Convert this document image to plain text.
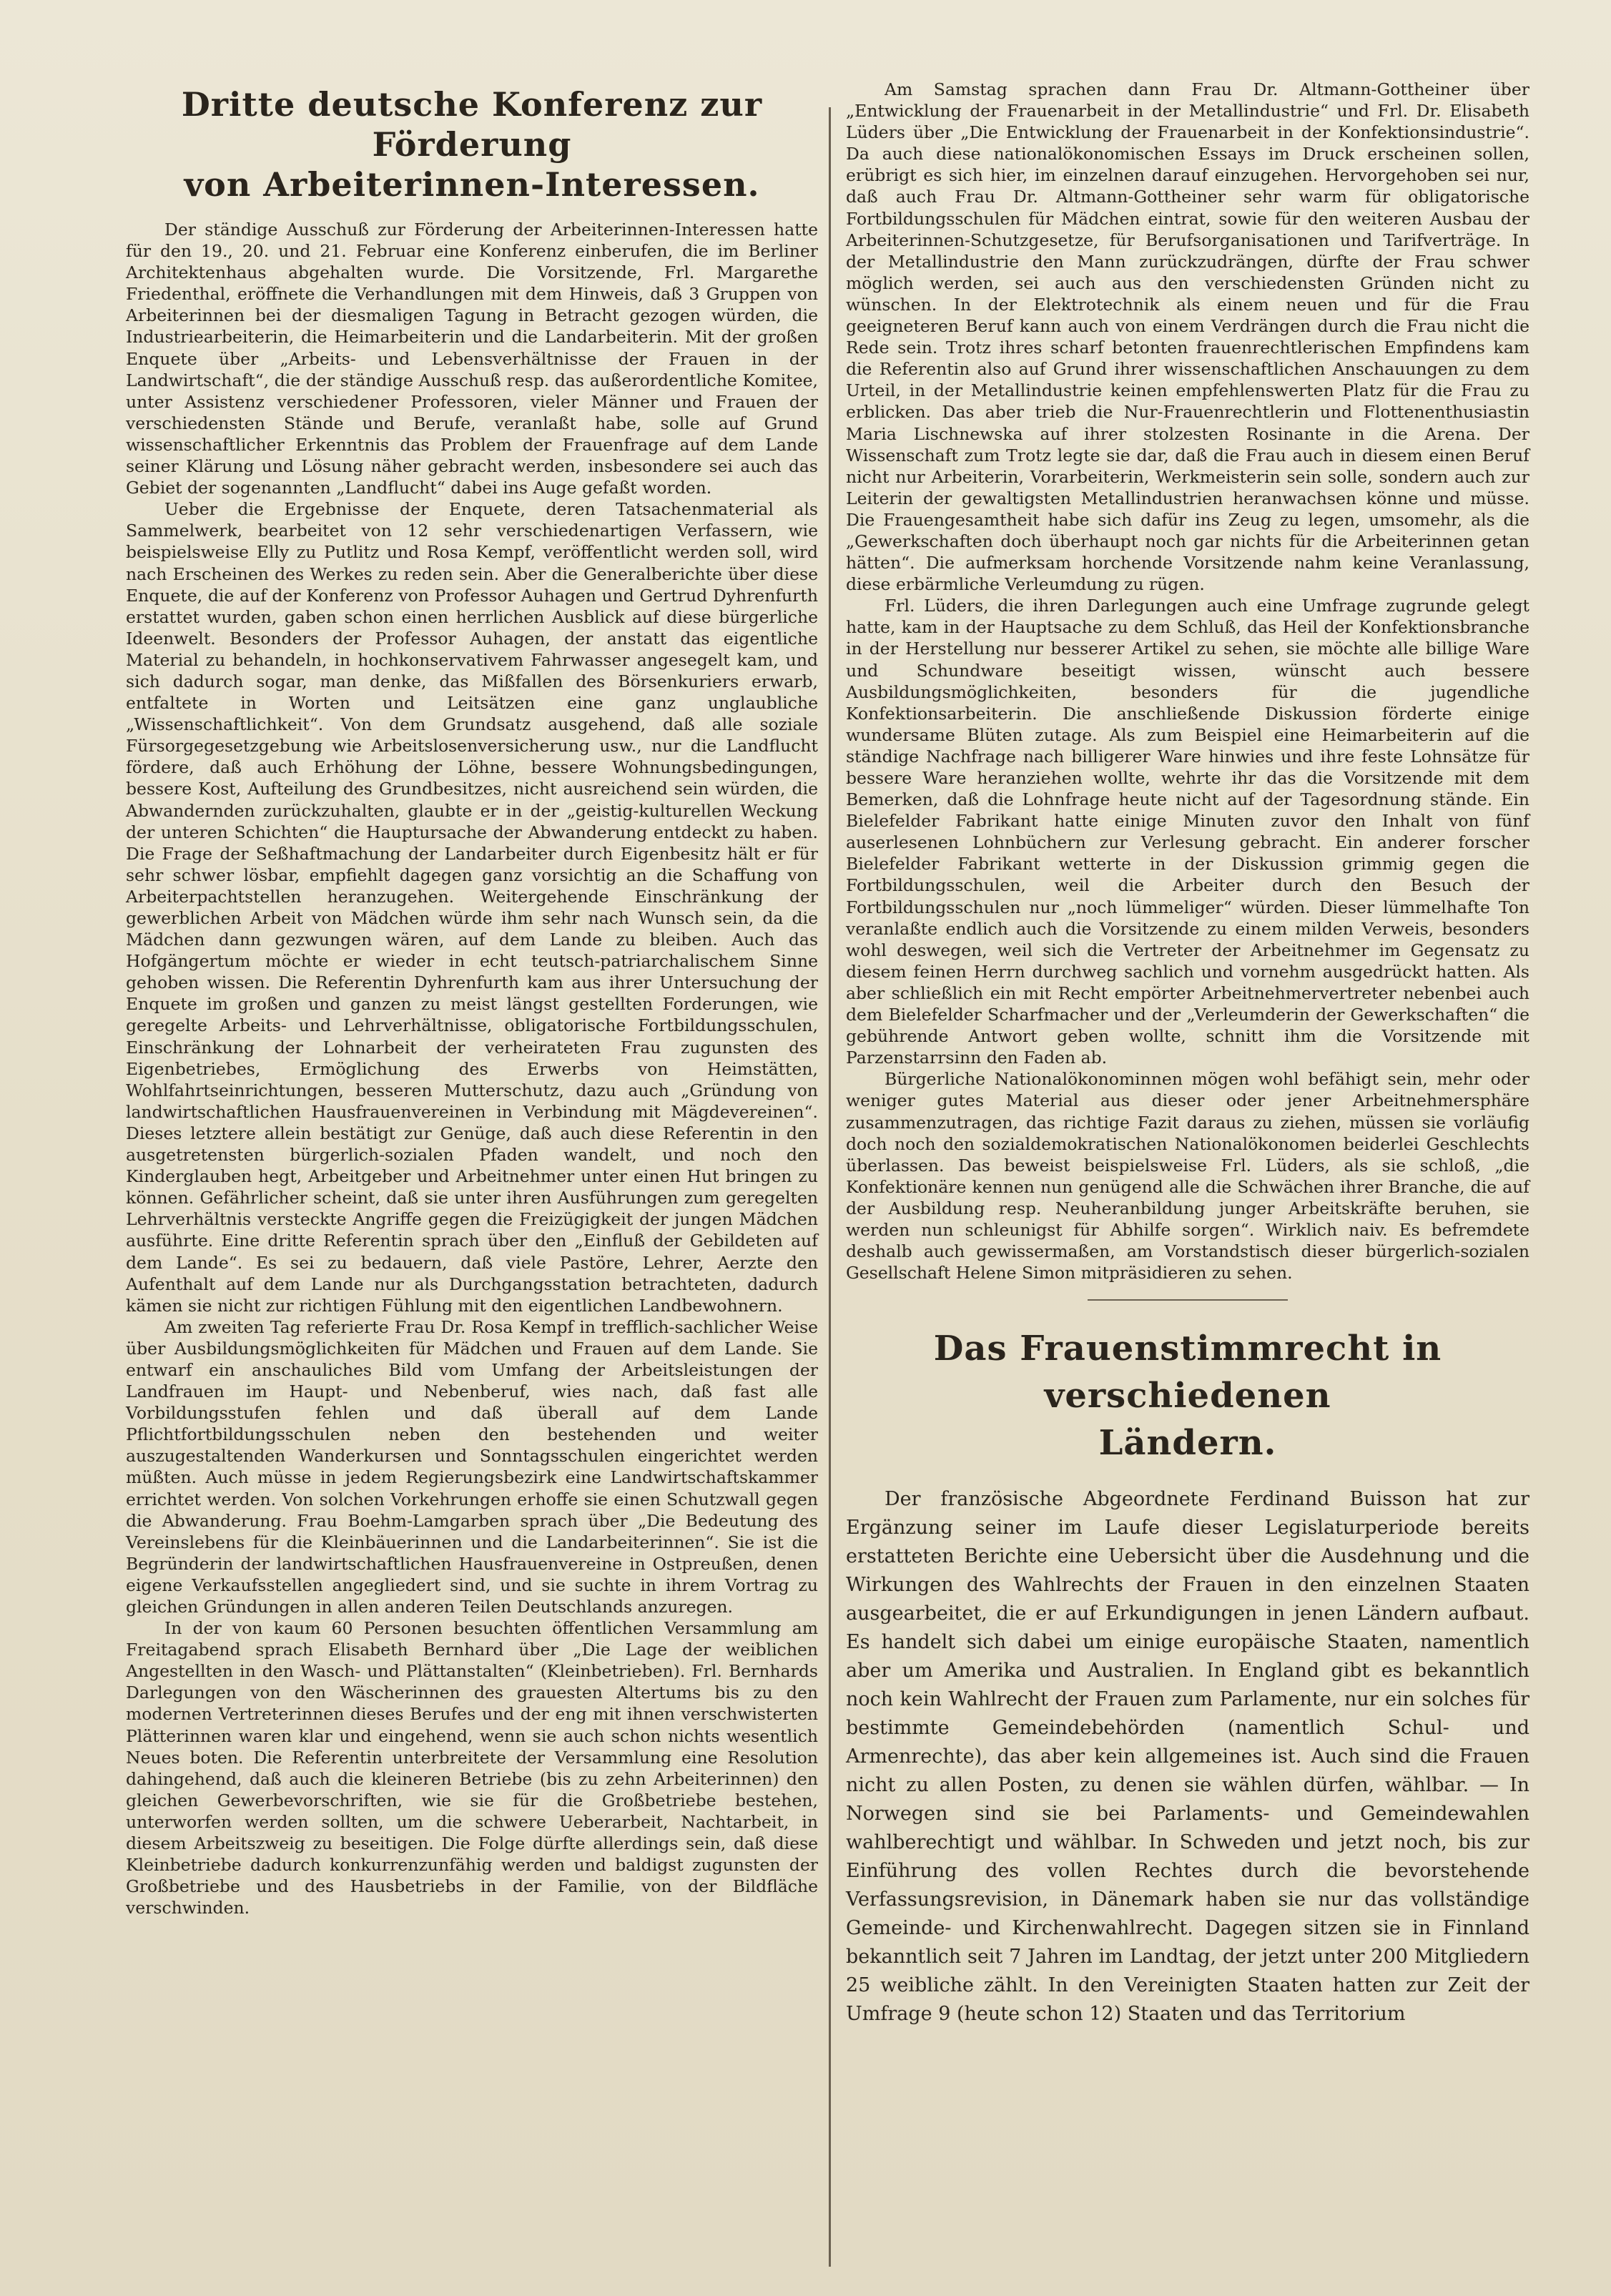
Dritte deutsche Konferenz zur Förderung
von Arbeiterinnen-Interessen.

Der ständige Ausschuß zur Förderung der Arbeiterinnen-Interessen hatte für den 19., 20. und 21. Februar eine Konferenz einberufen, die im Berliner Architektenhaus abgehalten wurde. Die Vorsitzende, Frl. Margarethe Friedenthal, eröffnete die Verhandlungen mit dem Hinweis, daß 3 Gruppen von Arbeiterinnen bei der diesmaligen Tagung in Betracht gezogen würden, die Industriearbeiterin, die Heimarbeiterin und die Landarbeiterin. Mit der großen Enquete über „Arbeits- und Lebensverhältnisse der Frauen in der Landwirtschaft“, die der ständige Ausschuß resp. das außerordentliche Komitee, unter Assistenz verschiedener Professoren, vieler Männer und Frauen der verschiedensten Stände und Berufe, veranlaßt habe, solle auf Grund wissenschaftlicher Erkenntnis das Problem der Frauenfrage auf dem Lande seiner Klärung und Lösung näher gebracht werden, insbesondere sei auch das Gebiet der sogenannten „Landflucht“ dabei ins Auge gefaßt worden.

Ueber die Ergebnisse der Enquete, deren Tatsachenmaterial als Sammelwerk, bearbeitet von 12 sehr verschiedenartigen Verfassern, wie beispielsweise Elly zu Putlitz und Rosa Kempf, veröffentlicht werden soll, wird nach Erscheinen des Werkes zu reden sein. Aber die Generalberichte über diese Enquete, die auf der Konferenz von Professor Auhagen und Gertrud Dyhrenfurth erstattet wurden, gaben schon einen herrlichen Ausblick auf diese bürgerliche Ideenwelt. Besonders der Professor Auhagen, der anstatt das eigentliche Material zu behandeln, in hochkonservativem Fahrwasser angesegelt kam, und sich dadurch sogar, man denke, das Mißfallen des Börsenkuriers erwarb, entfaltete in Worten und Leitsätzen eine ganz unglaubliche „Wissenschaftlichkeit“. Von dem Grundsatz ausgehend, daß alle soziale Fürsorgegesetzgebung wie Arbeitslosenversicherung usw., nur die Landflucht fördere, daß auch Erhöhung der Löhne, bessere Wohnungsbedingungen, bessere Kost, Aufteilung des Grundbesitzes, nicht ausreichend sein würden, die Abwandernden zurückzuhalten, glaubte er in der „geistig-kulturellen Weckung der unteren Schichten“ die Hauptursache der Abwanderung entdeckt zu haben. Die Frage der Seßhaftmachung der Landarbeiter durch Eigenbesitz hält er für sehr schwer lösbar, empfiehlt dagegen ganz vorsichtig an die Schaffung von Arbeiterpachtstellen heranzugehen. Weitergehende Einschränkung der gewerblichen Arbeit von Mädchen würde ihm sehr nach Wunsch sein, da die Mädchen dann gezwungen wären, auf dem Lande zu bleiben. Auch das Hofgängertum möchte er wieder in echt teutsch-patriarchalischem Sinne gehoben wissen. Die Referentin Dyhrenfurth kam aus ihrer Untersuchung der Enquete im großen und ganzen zu meist längst gestellten Forderungen, wie geregelte Arbeits- und Lehrverhältnisse, obligatorische Fortbildungsschulen, Einschränkung der Lohnarbeit der verheirateten Frau zugunsten des Eigenbetriebes, Ermöglichung des Erwerbs von Heimstätten, Wohlfahrtseinrichtungen, besseren Mutterschutz, dazu auch „Gründung von landwirtschaftlichen Hausfrauenvereinen in Verbindung mit Mägdevereinen“. Dieses letztere allein bestätigt zur Genüge, daß auch diese Referentin in den ausgetretensten bürgerlich-sozialen Pfaden wandelt, und noch den Kinderglauben hegt, Arbeitgeber und Arbeitnehmer unter einen Hut bringen zu können. Gefährlicher scheint, daß sie unter ihren Ausführungen zum geregelten Lehrverhältnis versteckte Angriffe gegen die Freizügigkeit der jungen Mädchen ausführte. Eine dritte Referentin sprach über den „Einfluß der Gebildeten auf dem Lande“. Es sei zu bedauern, daß viele Pastöre, Lehrer, Aerzte den Aufenthalt auf dem Lande nur als Durchgangsstation betrachteten, dadurch kämen sie nicht zur richtigen Fühlung mit den eigentlichen Landbewohnern.

Am zweiten Tag referierte Frau Dr. Rosa Kempf in trefflich-sachlicher Weise über Ausbildungsmöglichkeiten für Mädchen und Frauen auf dem Lande. Sie entwarf ein anschauliches Bild vom Umfang der Arbeitsleistungen der Landfrauen im Haupt- und Nebenberuf, wies nach, daß fast alle Vorbildungsstufen fehlen und daß überall auf dem Lande Pflichtfortbildungsschulen neben den bestehenden und weiter auszugestaltenden Wanderkursen und Sonntagsschulen eingerichtet werden müßten. Auch müsse in jedem Regierungsbezirk eine Landwirtschaftskammer errichtet werden. Von solchen Vorkehrungen erhoffe sie einen Schutzwall gegen die Abwanderung. Frau Boehm-Lamgarben sprach über „Die Bedeutung des Vereinslebens für die Kleinbäuerinnen und die Landarbeiterinnen“. Sie ist die Begründerin der landwirtschaftlichen Hausfrauenvereine in Ostpreußen, denen eigene Verkaufsstellen angegliedert sind, und sie suchte in ihrem Vortrag zu gleichen Gründungen in allen anderen Teilen Deutschlands anzuregen.

In der von kaum 60 Personen besuchten öffentlichen Versammlung am Freitagabend sprach Elisabeth Bernhard über „Die Lage der weiblichen Angestellten in den Wasch- und Plättanstalten“ (Kleinbetrieben). Frl. Bernhards Darlegungen von den Wäscherinnen des grauesten Altertums bis zu den modernen Vertreterinnen dieses Berufes und der eng mit ihnen verschwisterten Plätterinnen waren klar und eingehend, wenn sie auch schon nichts wesentlich Neues boten. Die Referentin unterbreitete der Versammlung eine Resolution dahingehend, daß auch die kleineren Betriebe (bis zu zehn Arbeiterinnen) den gleichen Gewerbevorschriften, wie sie für die Großbetriebe bestehen, unterworfen werden sollten, um die schwere Ueberarbeit, Nachtarbeit, in diesem Arbeitszweig zu beseitigen. Die Folge dürfte allerdings sein, daß diese Kleinbetriebe dadurch konkurrenzunfähig werden und baldigst zugunsten der Großbetriebe und des Hausbetriebs in der Familie, von der Bildfläche verschwinden.

Am Samstag sprachen dann Frau Dr. Altmann-Gottheiner über „Entwicklung der Frauenarbeit in der Metallindustrie“ und Frl. Dr. Elisabeth Lüders über „Die Entwicklung der Frauenarbeit in der Konfektionsindustrie“. Da auch diese nationalökonomischen Essays im Druck erscheinen sollen, erübrigt es sich hier, im einzelnen darauf einzugehen. Hervorgehoben sei nur, daß auch Frau Dr. Altmann-Gottheiner sehr warm für obligatorische Fortbildungsschulen für Mädchen eintrat, sowie für den weiteren Ausbau der Arbeiterinnen-Schutzgesetze, für Berufsorganisationen und Tarifverträge. In der Metallindustrie den Mann zurückzudrängen, dürfte der Frau schwer möglich werden, sei auch aus den verschiedensten Gründen nicht zu wünschen. In der Elektrotechnik als einem neuen und für die Frau geeigneteren Beruf kann auch von einem Verdrängen durch die Frau nicht die Rede sein. Trotz ihres scharf betonten frauenrechtlerischen Empfindens kam die Referentin also auf Grund ihrer wissenschaftlichen Anschauungen zu dem Urteil, in der Metallindustrie keinen empfehlenswerten Platz für die Frau zu erblicken. Das aber trieb die Nur-Frauenrechtlerin und Flottenenthusiastin Maria Lischnewska auf ihrer stolzesten Rosinante in die Arena. Der Wissenschaft zum Trotz legte sie dar, daß die Frau auch in diesem einen Beruf nicht nur Arbeiterin, Vorarbeiterin, Werkmeisterin sein solle, sondern auch zur Leiterin der gewaltigsten Metallindustrien heranwachsen könne und müsse. Die Frauengesamtheit habe sich dafür ins Zeug zu legen, umsomehr, als die „Gewerkschaften doch überhaupt noch gar nichts für die Arbeiterinnen getan hätten“. Die aufmerksam horchende Vorsitzende nahm keine Veranlassung, diese erbärmliche Verleumdung zu rügen.

Frl. Lüders, die ihren Darlegungen auch eine Umfrage zugrunde gelegt hatte, kam in der Hauptsache zu dem Schluß, das Heil der Konfektionsbranche in der Herstellung nur besserer Artikel zu sehen, sie möchte alle billige Ware und Schundware beseitigt wissen, wünscht auch bessere Ausbildungsmöglichkeiten, besonders für die jugendliche Konfektionsarbeiterin. Die anschließende Diskussion förderte einige wundersame Blüten zutage. Als zum Beispiel eine Heimarbeiterin auf die ständige Nachfrage nach billigerer Ware hinwies und ihre feste Lohnsätze für bessere Ware heranziehen wollte, wehrte ihr das die Vorsitzende mit dem Bemerken, daß die Lohnfrage heute nicht auf der Tagesordnung stände. Ein Bielefelder Fabrikant hatte einige Minuten zuvor den Inhalt von fünf auserlesenen Lohnbüchern zur Verlesung gebracht. Ein anderer forscher Bielefelder Fabrikant wetterte in der Diskussion grimmig gegen die Fortbildungsschulen, weil die Arbeiter durch den Besuch der Fortbildungsschulen nur „noch lümmeliger“ würden. Dieser lümmelhafte Ton veranlaßte endlich auch die Vorsitzende zu einem milden Verweis, besonders wohl deswegen, weil sich die Vertreter der Arbeitnehmer im Gegensatz zu diesem feinen Herrn durchweg sachlich und vornehm ausgedrückt hatten. Als aber schließlich ein mit Recht empörter Arbeitnehmervertreter nebenbei auch dem Bielefelder Scharfmacher und der „Verleumderin der Gewerkschaften“ die gebührende Antwort geben wollte, schnitt ihm die Vorsitzende mit Parzenstarrsinn den Faden ab.

Bürgerliche Nationalökonominnen mögen wohl befähigt sein, mehr oder weniger gutes Material aus dieser oder jener Arbeitnehmersphäre zusammenzutragen, das richtige Fazit daraus zu ziehen, müssen sie vorläufig doch noch den sozialdemokratischen Nationalökonomen beiderlei Geschlechts überlassen. Das beweist beispielsweise Frl. Lüders, als sie schloß, „die Konfektionäre kennen nun genügend alle die Schwächen ihrer Branche, die auf der Ausbildung resp. Neuheranbildung junger Arbeitskräfte beruhen, sie werden nun schleunigst für Abhilfe sorgen“. Wirklich naiv. Es befremdete deshalb auch gewissermaßen, am Vorstandstisch dieser bürgerlich-sozialen Gesellschaft Helene Simon mitpräsidieren zu sehen.

Das Frauenstimmrecht in verschiedenen
Ländern.

Der französische Abgeordnete Ferdinand Buisson hat zur Ergänzung seiner im Laufe dieser Legislaturperiode bereits erstatteten Berichte eine Uebersicht über die Ausdehnung und die Wirkungen des Wahlrechts der Frauen in den einzelnen Staaten ausgearbeitet, die er auf Erkundigungen in jenen Ländern aufbaut. Es handelt sich dabei um einige europäische Staaten, namentlich aber um Amerika und Australien. In England gibt es bekanntlich noch kein Wahlrecht der Frauen zum Parlamente, nur ein solches für bestimmte Gemeindebehörden (namentlich Schul- und Armenrechte), das aber kein allgemeines ist. Auch sind die Frauen nicht zu allen Posten, zu denen sie wählen dürfen, wählbar. — In Norwegen sind sie bei Parlaments- und Gemeindewahlen wahlberechtigt und wählbar. In Schweden und jetzt noch, bis zur Einführung des vollen Rechtes durch die bevorstehende Verfassungsrevision, in Dänemark haben sie nur das vollständige Gemeinde- und Kirchenwahlrecht. Dagegen sitzen sie in Finnland bekanntlich seit 7 Jahren im Landtag, der jetzt unter 200 Mitgliedern 25 weibliche zählt. In den Vereinigten Staaten hatten zur Zeit der Umfrage 9 (heute schon 12) Staaten und das Territorium
